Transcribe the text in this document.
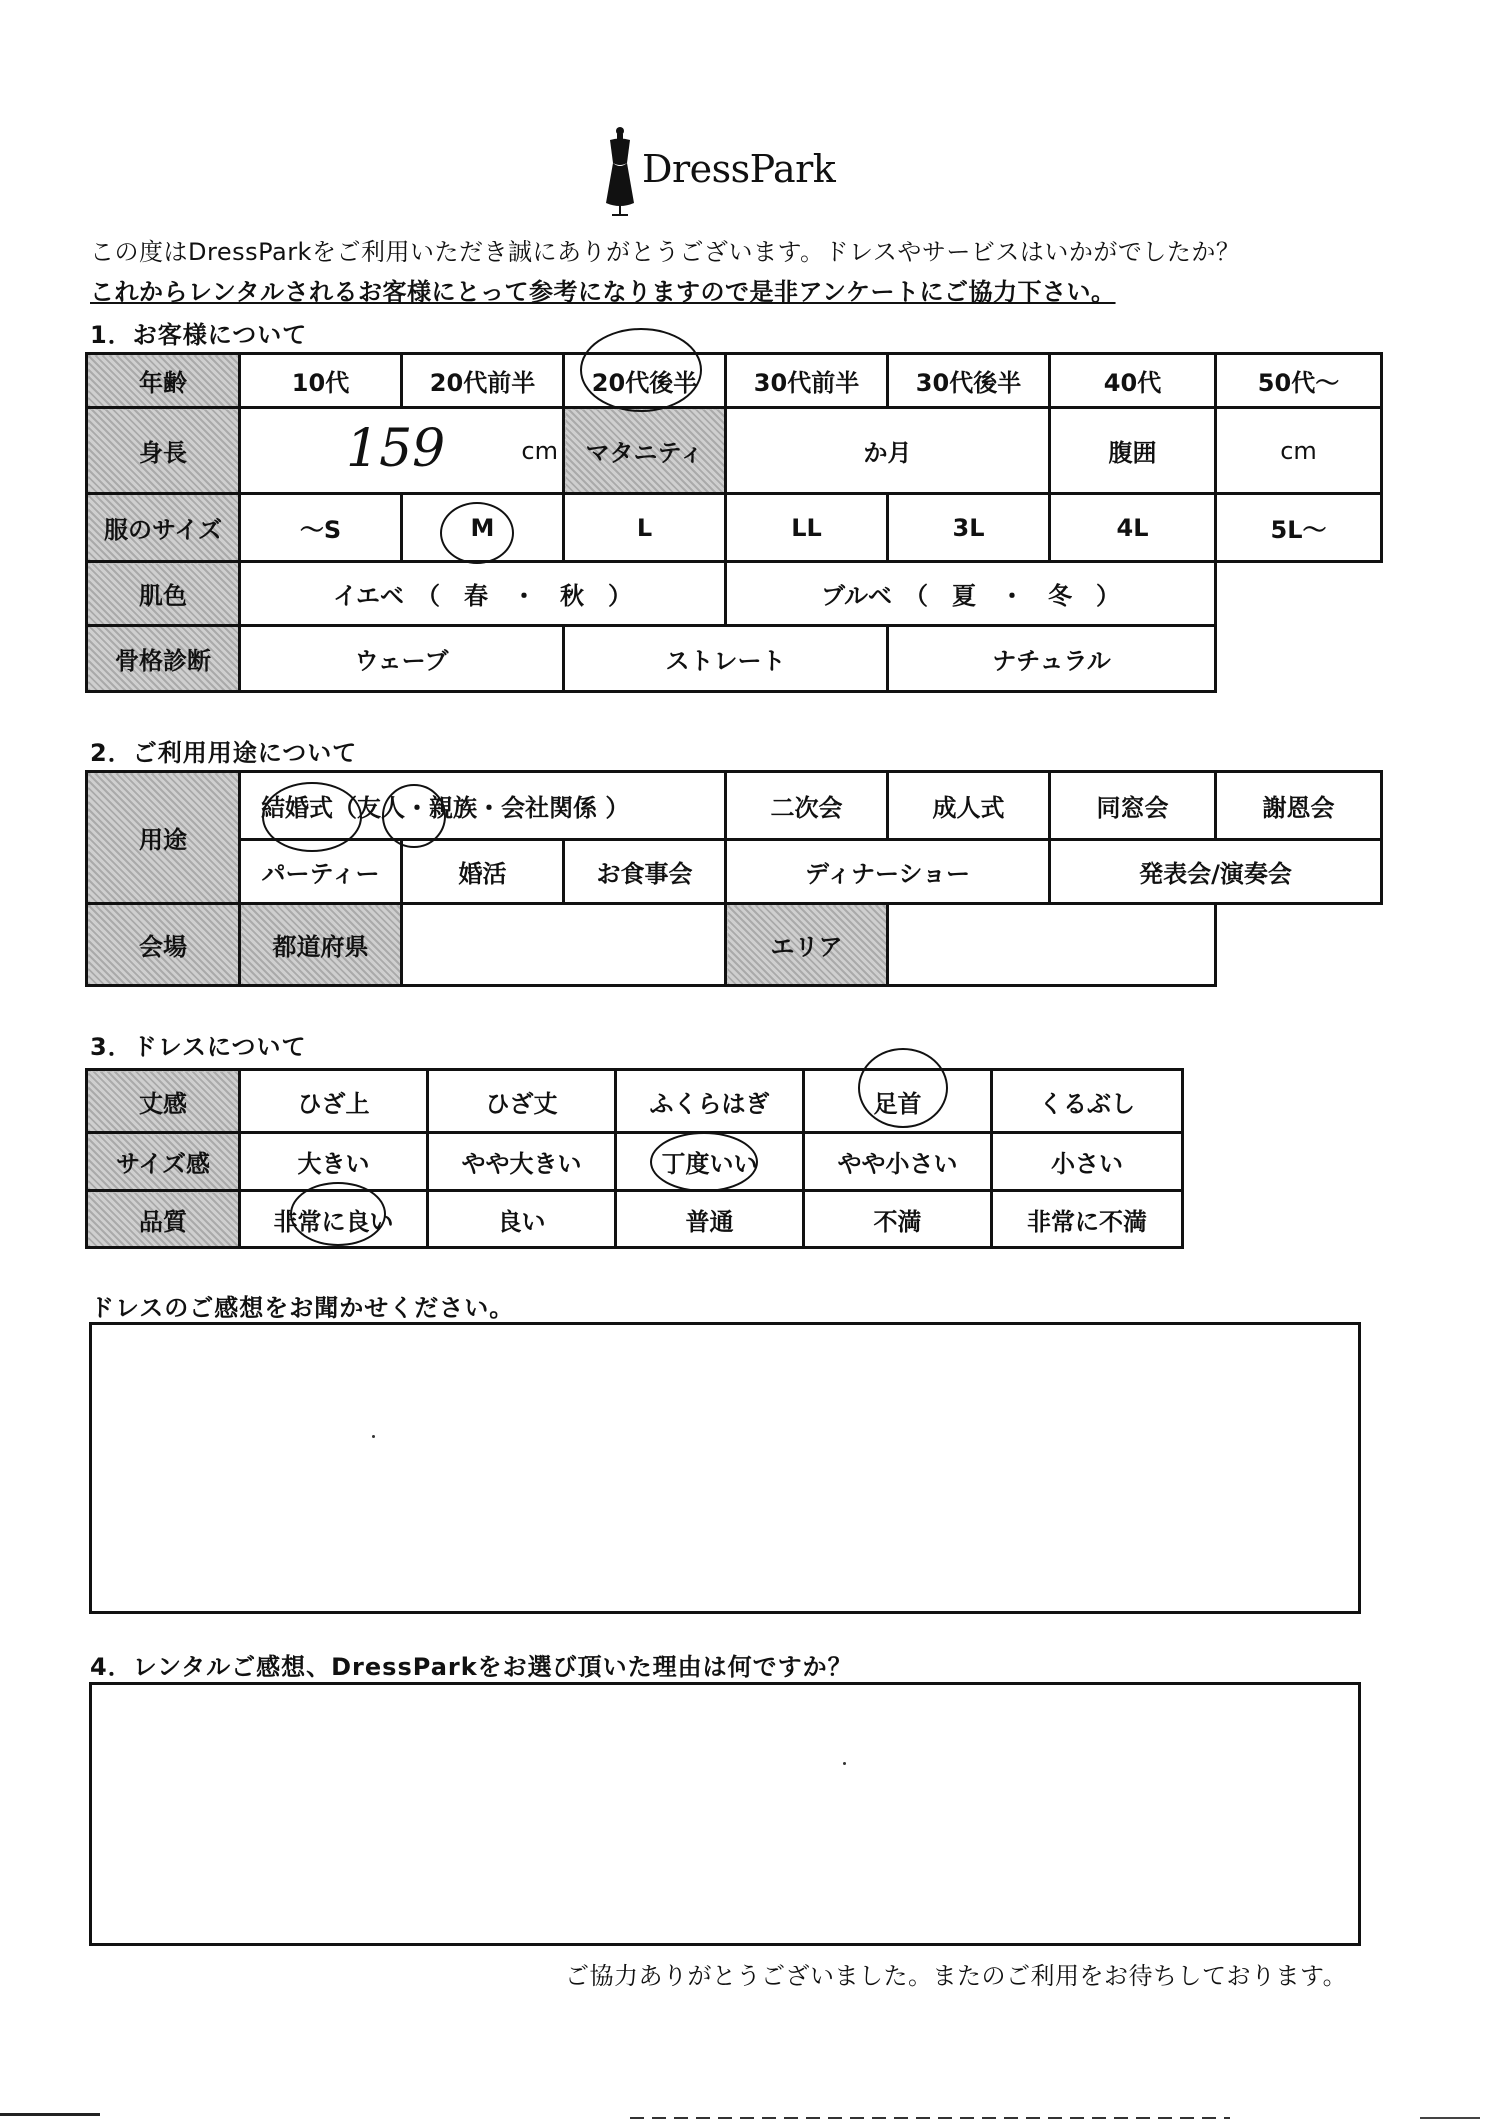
DressPark
この度はDressParkをご利用いただき誠にありがとうございます。ドレスやサービスはいかがでしたか？
これからレンタルされるお客様にとって参考になりますので是非アンケートにご協力下さい。
1．お客様について
年齢	10代	20代前半	20代後半	30代前半	30代後半	40代	50代～
身長	159 cm		マタニティ	か月		腹囲	cm
服のサイズ	～S	M	L	LL	3L	4L	5L～
肌色	イエベ　（　春　・　秋　）			ブルベ　（　夏　・　冬　）			
骨格診断	ウェーブ		ストレート		ナチュラル		
2．ご利用用途について
用途	結婚式（友人・親族・会社関係 ）			二次会	成人式	同窓会	謝恩会
	パーティー	婚活	お食事会	ディナーショー		発表会/演奏会	
会場	都道府県			エリア			
3．ドレスについて
丈感	ひざ上	ひざ丈	ふくらはぎ	足首	くるぶし
サイズ感	大きい	やや大きい	丁度いい	やや小さい	小さい
品質	非常に良い	良い	普通	不満	非常に不満
ドレスのご感想をお聞かせください。
4．レンタルご感想、DressParkをお選び頂いた理由は何ですか？
ご協力ありがとうございました。またのご利用をお待ちしております。
